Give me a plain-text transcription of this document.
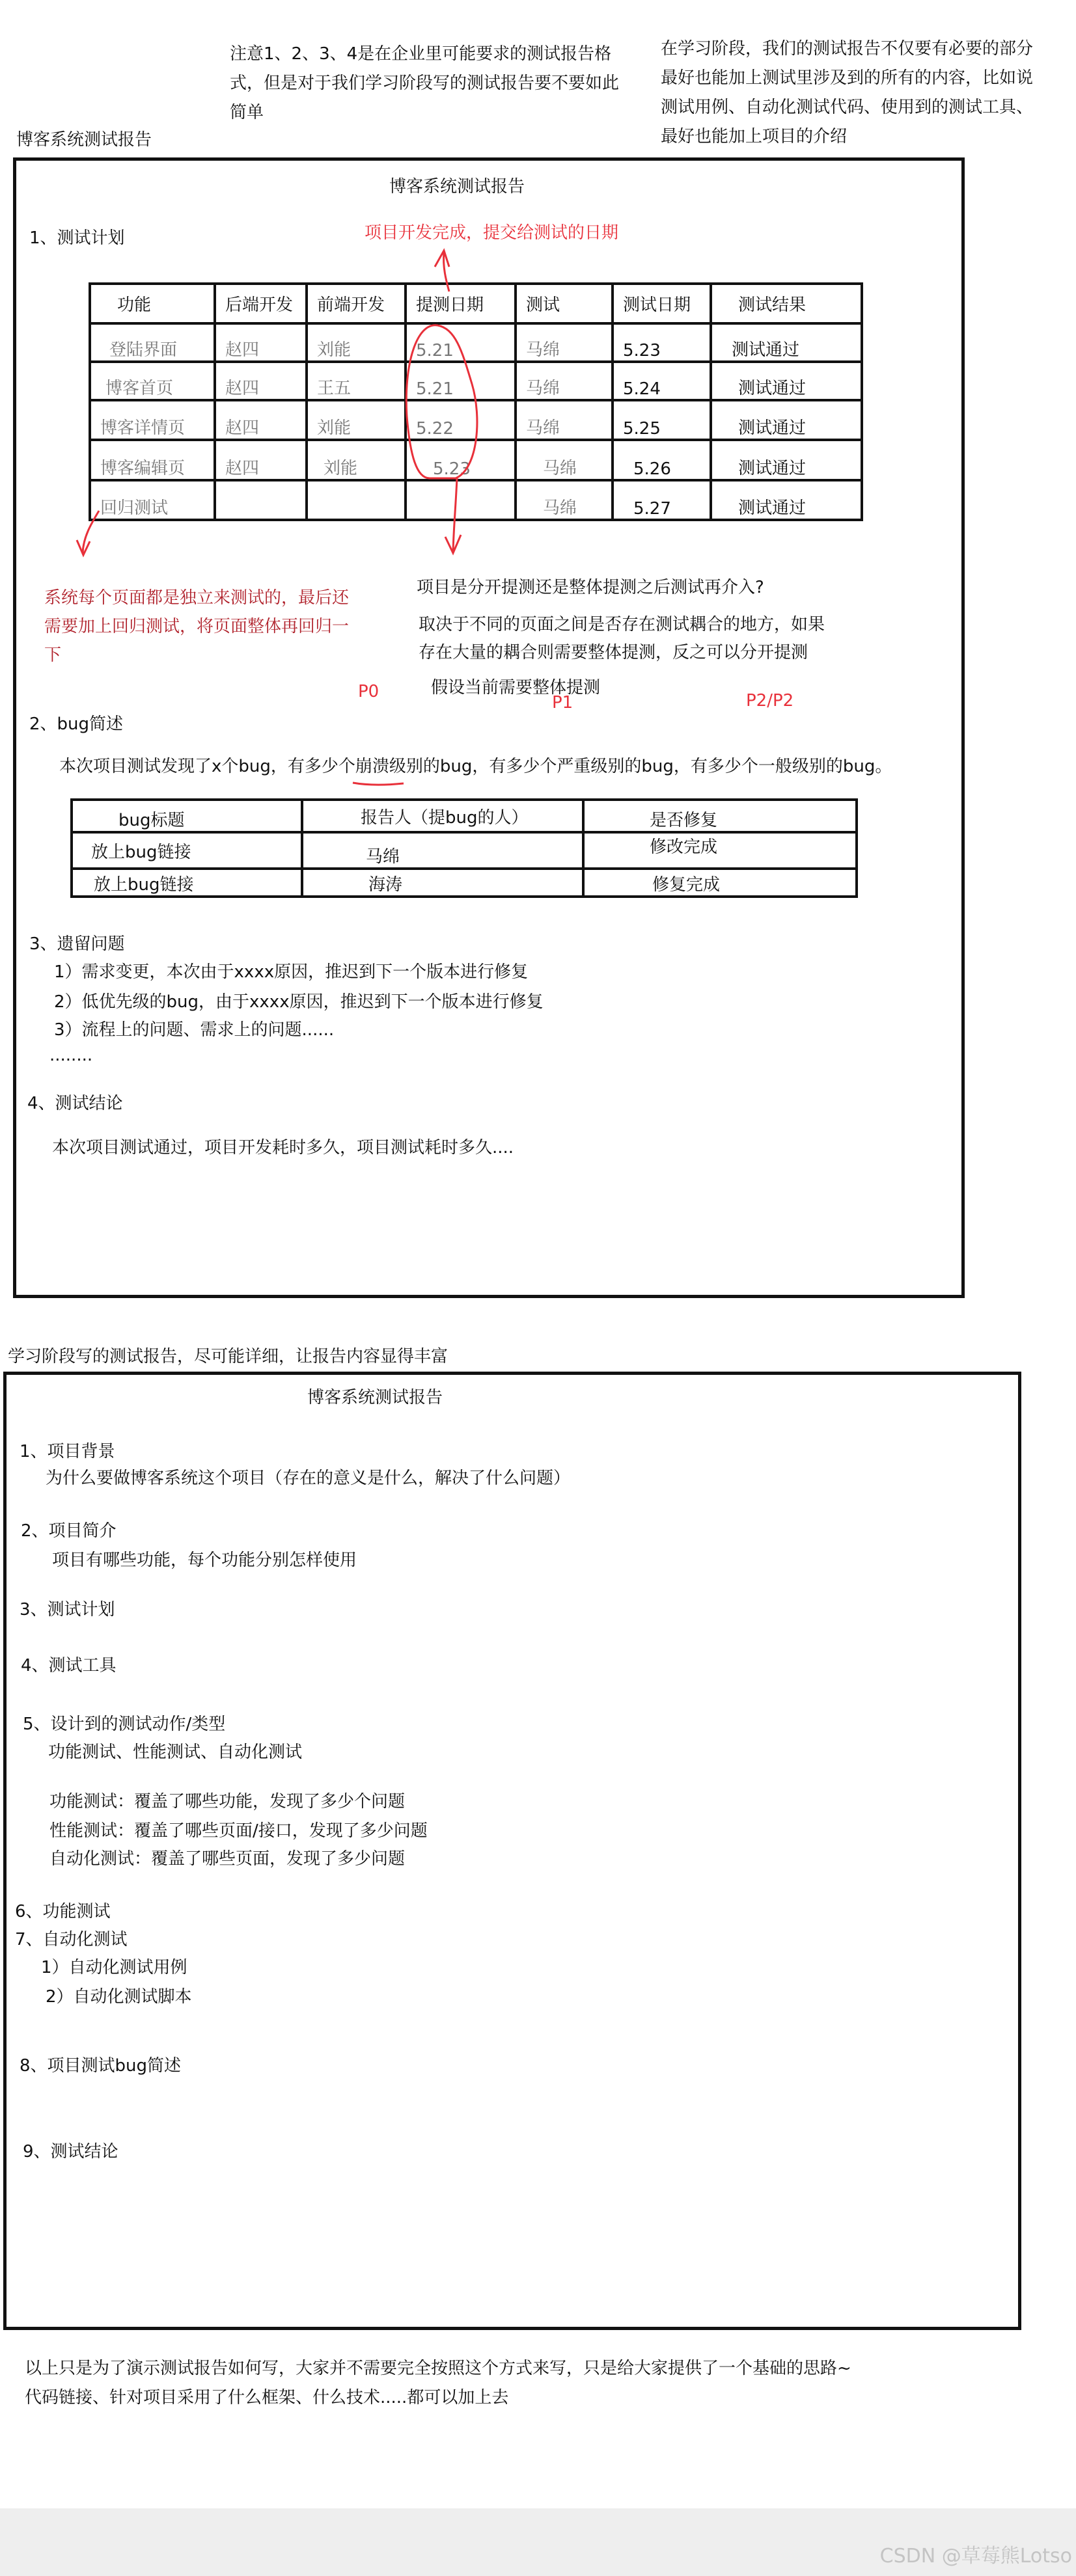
注意1、2、3、4是在企业里可能要求的测试报告格
式，但是对于我们学习阶段写的测试报告要不要如此
简单
在学习阶段，我们的测试报告不仅要有必要的部分
最好也能加上测试里涉及到的所有的内容，比如说
测试用例、自动化测试代码、使用到的测试工具、
最好也能加上项目的介绍
博客系统测试报告
博客系统测试报告
1、测试计划	项目开发完成，提交给测试的日期
功能	后端开发	前端开发	提测日期	测试	测试日期	测试结果
登陆界面	赵四	刘能	5.21	马绵	5.23	测试通过
博客首页	赵四	王五	5.21	马绵	5.24	测试通过
博客详情页	赵四	刘能	5.22	马绵	5.25	测试通过
博客编辑页	赵四	刘能	5.23	马绵	5.26	测试通过
回归测试				马绵	5.27	测试通过
系统每个页面都是独立来测试的，最后还
需要加上回归测试，将页面整体再回归一
下
项目是分开提测还是整体提测之后测试再介入?
取决于不同的页面之间是否存在测试耦合的地方，如果
存在大量的耦合则需要整体提测，反之可以分开提测
假设当前需要整体提测
2、bug简述
P0
P1	P2/P2
本次项目测试发现了x个bug，有多少个崩溃级别的bug，有多少个严重级别的bug，有多少个一般级别的bug。
bug标题	报告人（提bug的人）	是否修复
放上bug链接	马绵	修改完成
放上bug链接	海涛	修复完成
3、遗留问题
1）需求变更，本次由于xxxx原因，推迟到下一个版本进行修复
2）低优先级的bug，由于xxxx原因，推迟到下一个版本进行修复
3）流程上的问题、需求上的问题......
........
4、测试结论
本次项目测试通过，项目开发耗时多久，项目测试耗时多久....
学习阶段写的测试报告，尽可能详细，让报告内容显得丰富
博客系统测试报告
1、项目背景
为什么要做博客系统这个项目（存在的意义是什么，解决了什么问题）
2、项目简介
项目有哪些功能，每个功能分别怎样使用
3、测试计划
4、测试工具
5、设计到的测试动作/类型
功能测试、性能测试、自动化测试
功能测试：覆盖了哪些功能，发现了多少个问题
性能测试：覆盖了哪些页面/接口，发现了多少问题
自动化测试：覆盖了哪些页面，发现了多少问题
6、功能测试
7、自动化测试
1）自动化测试用例
2）自动化测试脚本
8、项目测试bug简述
9、测试结论
以上只是为了演示测试报告如何写，大家并不需要完全按照这个方式来写，只是给大家提供了一个基础的思路~
代码链接、针对项目采用了什么框架、什么技术.....都可以加上去
CSDN @草莓熊Lotso
